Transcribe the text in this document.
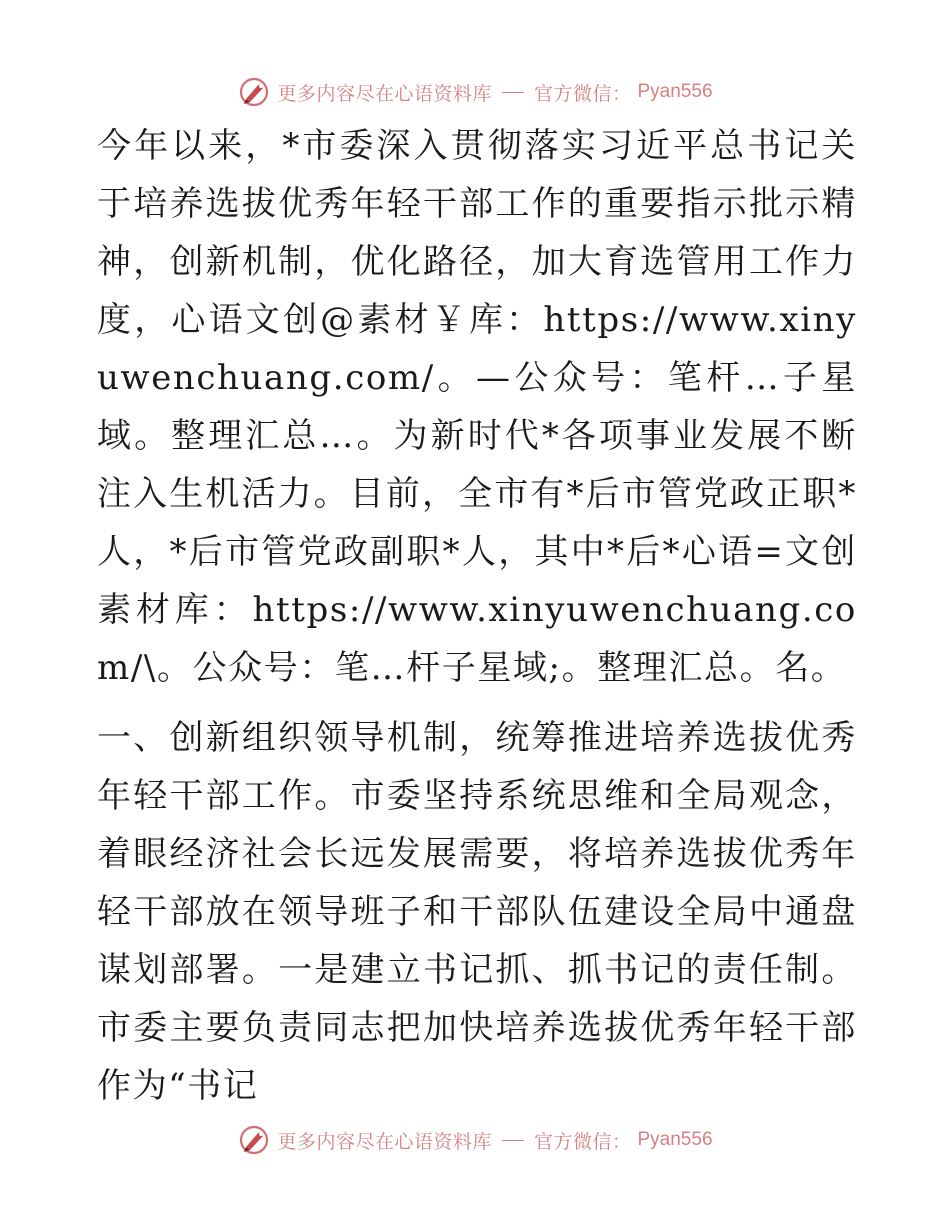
更多内容尽在心语资料库 官方微信： Pyan556

今年以来，*市委深入贯彻落实习近平总书记关于培养选拔优秀年轻干部工作的重要指示批示精神，创新机制，优化路径，加大育选管用工作力度，心语文创@素材￥库：https://www.xinyuwenchuang.com/。—公众号：笔杆…子星域。整理汇总…。为新时代*各项事业发展不断注入生机活力。目前，全市有*后市管党政正职*人，*后市管党政副职*人，其中*后*心语=文创素材库：https://www.xinyuwenchuang.com/\。公众号：笔…杆子星域;。整理汇总。名。

一、创新组织领导机制，统筹推进培养选拔优秀年轻干部工作。市委坚持系统思维和全局观念，着眼经济社会长远发展需要，将培养选拔优秀年轻干部放在领导班子和干部队伍建设全局中通盘谋划部署。一是建立书记抓、抓书记的责任制。市委主要负责同志把加快培养选拔优秀年轻干部作为“书记

更多内容尽在心语资料库 官方微信： Pyan556
